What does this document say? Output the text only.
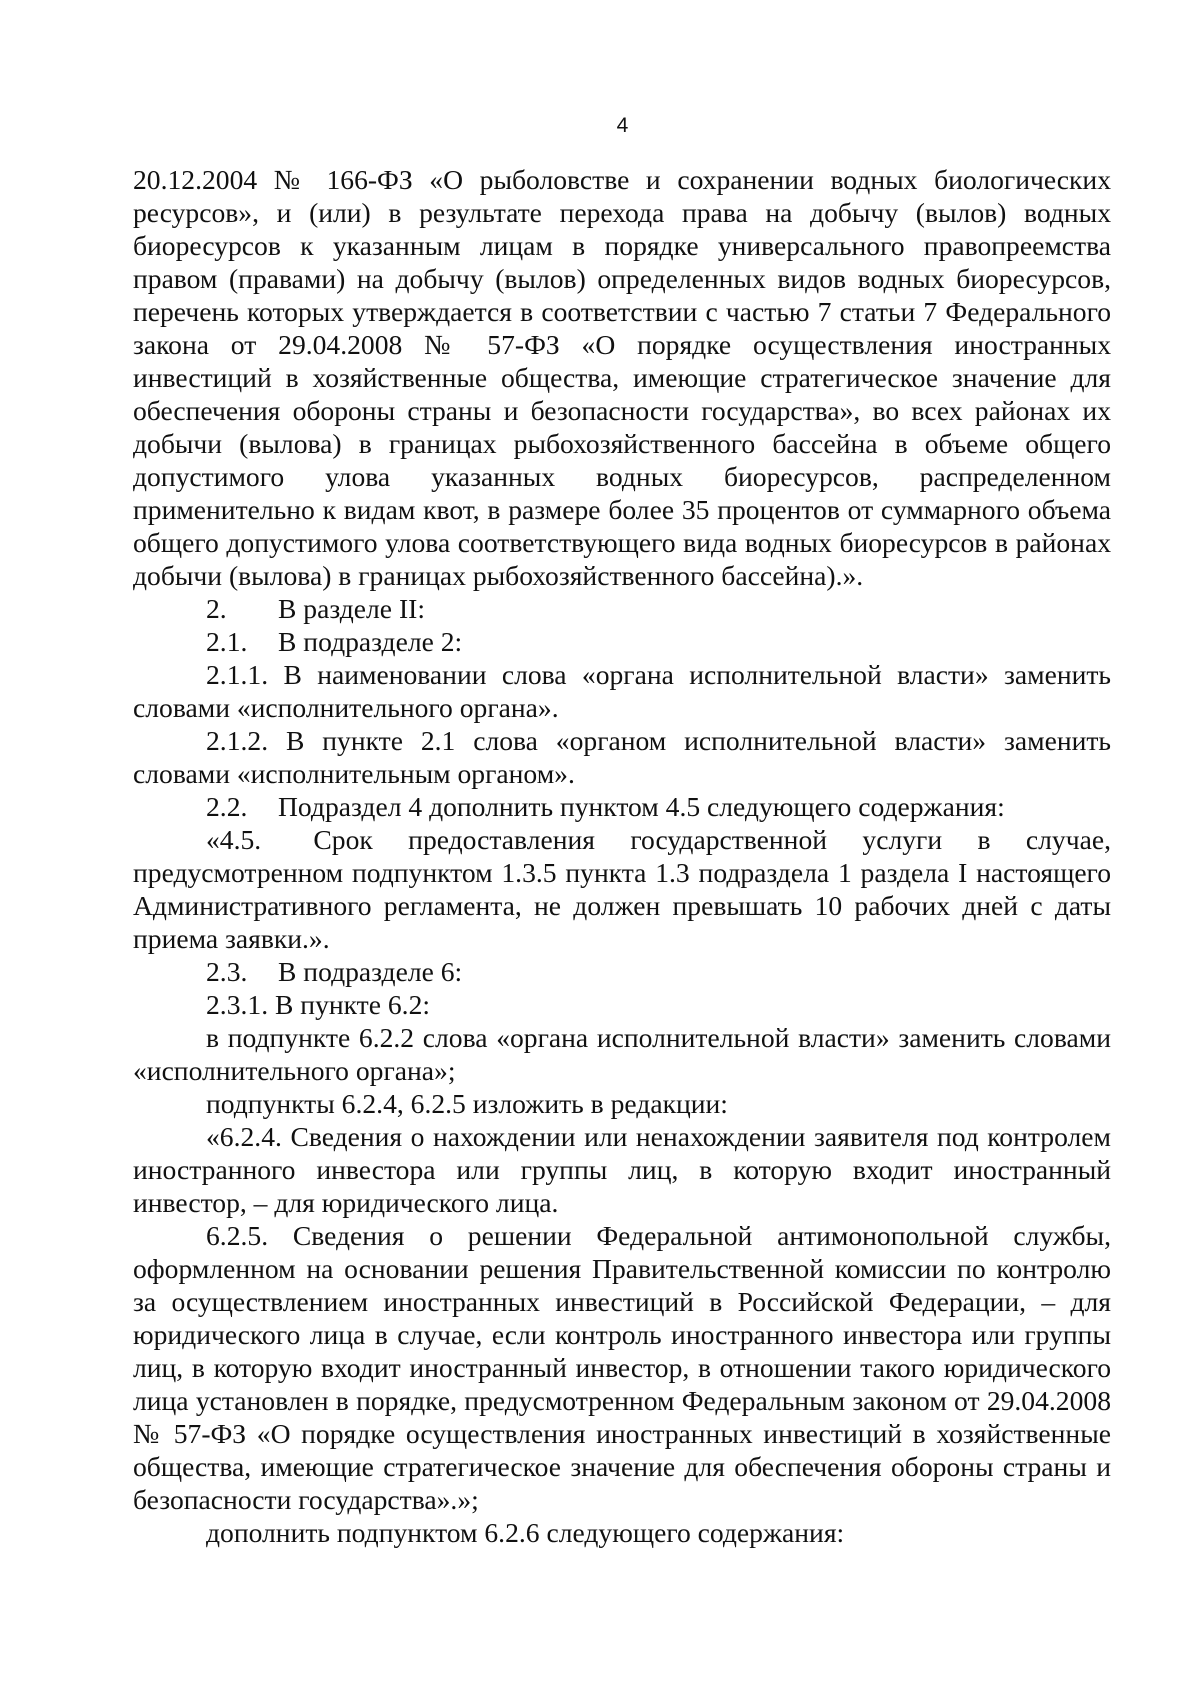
4

20.12.2004 № 166-ФЗ «О рыболовстве и сохранении водных биологических ресурсов», и (или) в результате перехода права на добычу (вылов) водных биоресурсов к указанным лицам в порядке универсального правопреемства правом (правами) на добычу (вылов) определенных видов водных биоресурсов, перечень которых утверждается в соответствии с частью 7 статьи 7 Федерального закона от 29.04.2008 № 57-ФЗ «О порядке осуществления иностранных инвестиций в хозяйственные общества, имеющие стратегическое значение для обеспечения обороны страны и безопасности государства», во всех районах их добычи (вылова) в границах рыбохозяйственного бассейна в объеме общего допустимого улова указанных водных биоресурсов, распределенном применительно к видам квот, в размере более 35 процентов от суммарного объема общего допустимого улова соответствующего вида водных биоресурсов в районах добычи (вылова) в границах рыбохозяйственного бассейна).».

2. В разделе II:

2.1. В подразделе 2:

2.1.1. В наименовании слова «органа исполнительной власти» заменить словами «исполнительного органа».

2.1.2. В пункте 2.1 слова «органом исполнительной власти» заменить словами «исполнительным органом».

2.2. Подраздел 4 дополнить пунктом 4.5 следующего содержания:

«4.5. Срок предоставления государственной услуги в случае, предусмотренном подпунктом 1.3.5 пункта 1.3 подраздела 1 раздела I настоящего Административного регламента, не должен превышать 10 рабочих дней с даты приема заявки.».

2.3. В подразделе 6:

2.3.1. В пункте 6.2:

в подпункте 6.2.2 слова «органа исполнительной власти» заменить словами «исполнительного органа»;

подпункты 6.2.4, 6.2.5 изложить в редакции:

«6.2.4. Сведения о нахождении или ненахождении заявителя под контролем иностранного инвестора или группы лиц, в которую входит иностранный инвестор, – для юридического лица.

6.2.5. Сведения о решении Федеральной антимонопольной службы, оформленном на основании решения Правительственной комиссии по контролю за осуществлением иностранных инвестиций в Российской Федерации, – для юридического лица в случае, если контроль иностранного инвестора или группы лиц, в которую входит иностранный инвестор, в отношении такого юридического лица установлен в порядке, предусмотренном Федеральным законом от 29.04.2008 № 57-ФЗ «О порядке осуществления иностранных инвестиций в хозяйственные общества, имеющие стратегическое значение для обеспечения обороны страны и безопасности государства».»;

дополнить подпунктом 6.2.6 следующего содержания:
